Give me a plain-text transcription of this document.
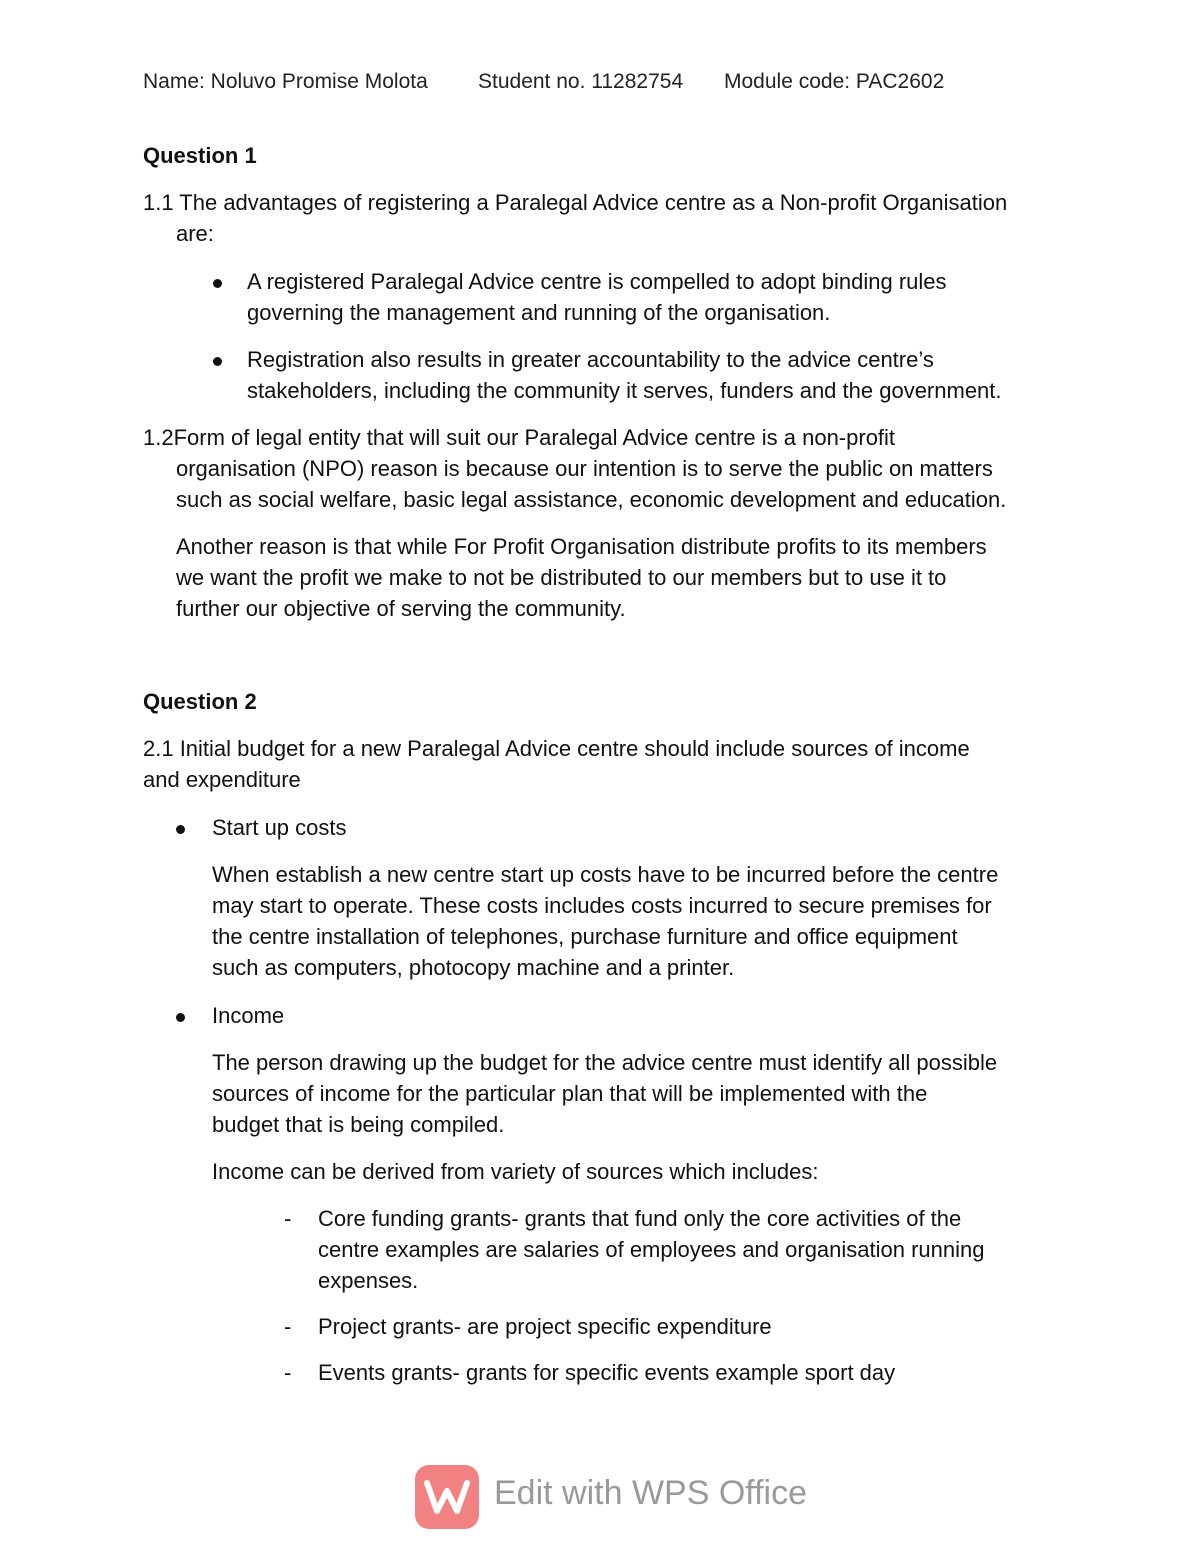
Name: Noluvo Promise Molota Student no. 11282754 Module code: PAC2602
Question 1
1.1 The advantages of registering a Paralegal Advice centre as a Non-profit Organisation
are:
A registered Paralegal Advice centre is compelled to adopt binding rules
governing the management and running of the organisation.
Registration also results in greater accountability to the advice centre’s
stakeholders, including the community it serves, funders and the government.
1.2Form of legal entity that will suit our Paralegal Advice centre is a non-profit
organisation (NPO) reason is because our intention is to serve the public on matters
such as social welfare, basic legal assistance, economic development and education.
Another reason is that while For Profit Organisation distribute profits to its members
we want the profit we make to not be distributed to our members but to use it to
further our objective of serving the community.
Question 2
2.1 Initial budget for a new Paralegal Advice centre should include sources of income
and expenditure
Start up costs
When establish a new centre start up costs have to be incurred before the centre
may start to operate. These costs includes costs incurred to secure premises for
the centre installation of telephones, purchase furniture and office equipment
such as computers, photocopy machine and a printer.
Income
The person drawing up the budget for the advice centre must identify all possible
sources of income for the particular plan that will be implemented with the
budget that is being compiled.
Income can be derived from variety of sources which includes:
- Core funding grants- grants that fund only the core activities of the
centre examples are salaries of employees and organisation running
expenses.
- Project grants- are project specific expenditure
- Events grants- grants for specific events example sport day
Edit with WPS Office
